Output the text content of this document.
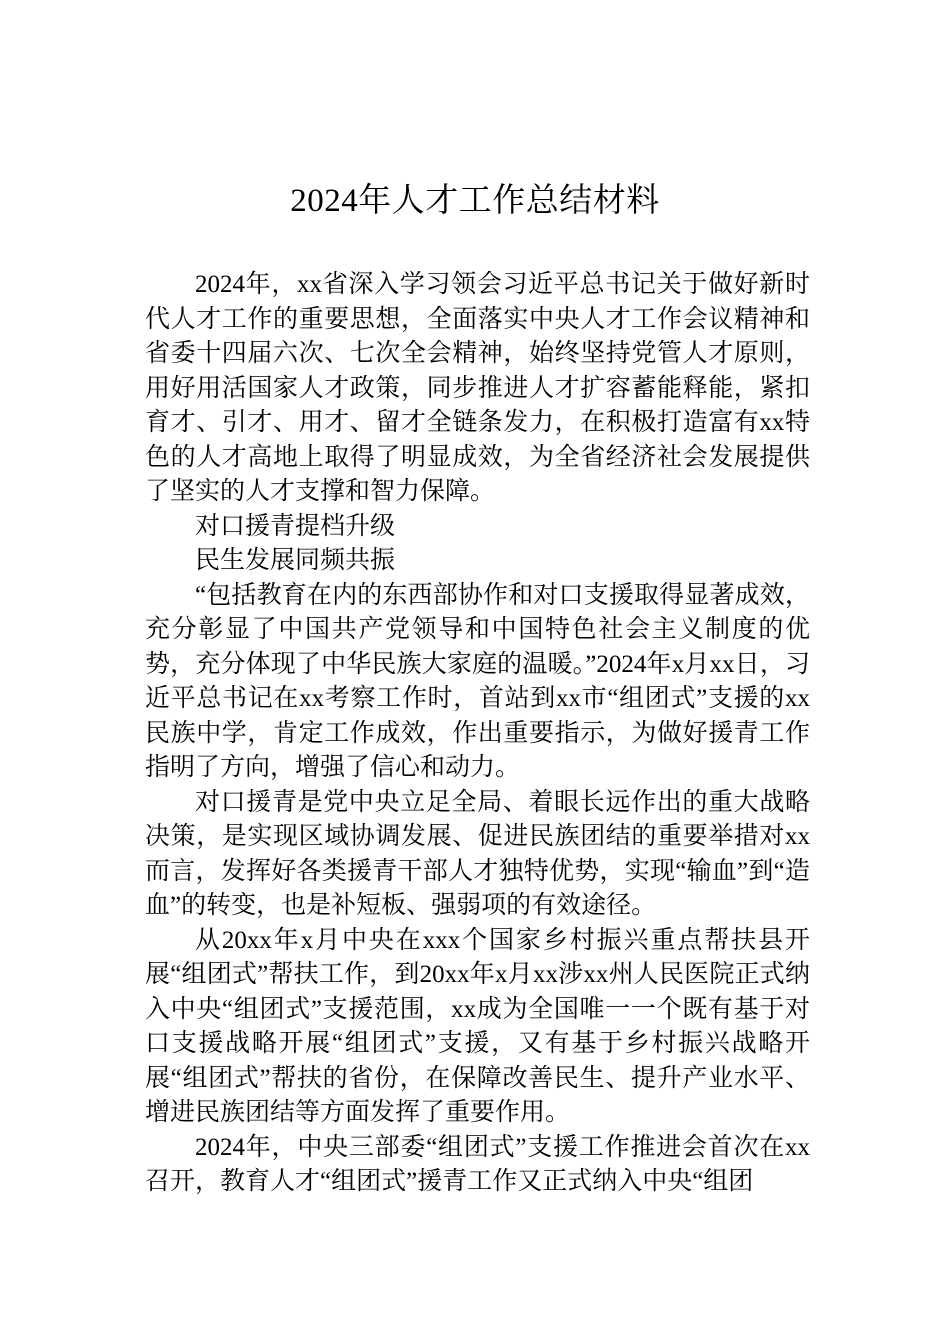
2024年人才工作总结材料

2024年，xx省深入学习领会习近平总书记关于做好新时代人才工作的重要思想，全面落实中央人才工作会议精神和省委十四届六次、七次全会精神，始终坚持党管人才原则，用好用活国家人才政策，同步推进人才扩容蓄能释能，紧扣育才、引才、用才、留才全链条发力，在积极打造富有xx特色的人才高地上取得了明显成效，为全省经济社会发展提供了坚实的人才支撑和智力保障。

对口援青提档升级

民生发展同频共振

“包括教育在内的东西部协作和对口支援取得显著成效，充分彰显了中国共产党领导和中国特色社会主义制度的优势，充分体现了中华民族大家庭的温暖。”2024年x月xx日，习近平总书记在xx考察工作时，首站到xx市“组团式”支援的xx民族中学，肯定工作成效，作出重要指示，为做好援青工作指明了方向，增强了信心和动力。

对口援青是党中央立足全局、着眼长远作出的重大战略决策，是实现区域协调发展、促进民族团结的重要举措对xx而言，发挥好各类援青干部人才独特优势，实现“输血”到“造血”的转变，也是补短板、强弱项的有效途径。

从20xx年x月中央在xxx个国家乡村振兴重点帮扶县开展“组团式”帮扶工作，到20xx年x月xx涉xx州人民医院正式纳入中央“组团式”支援范围，xx成为全国唯一一个既有基于对口支援战略开展“组团式”支援，又有基于乡村振兴战略开展“组团式”帮扶的省份，在保障改善民生、提升产业水平、增进民族团结等方面发挥了重要作用。

2024年，中央三部委“组团式”支援工作推进会首次在xx召开，教育人才“组团式”援青工作又正式纳入中央“组团
